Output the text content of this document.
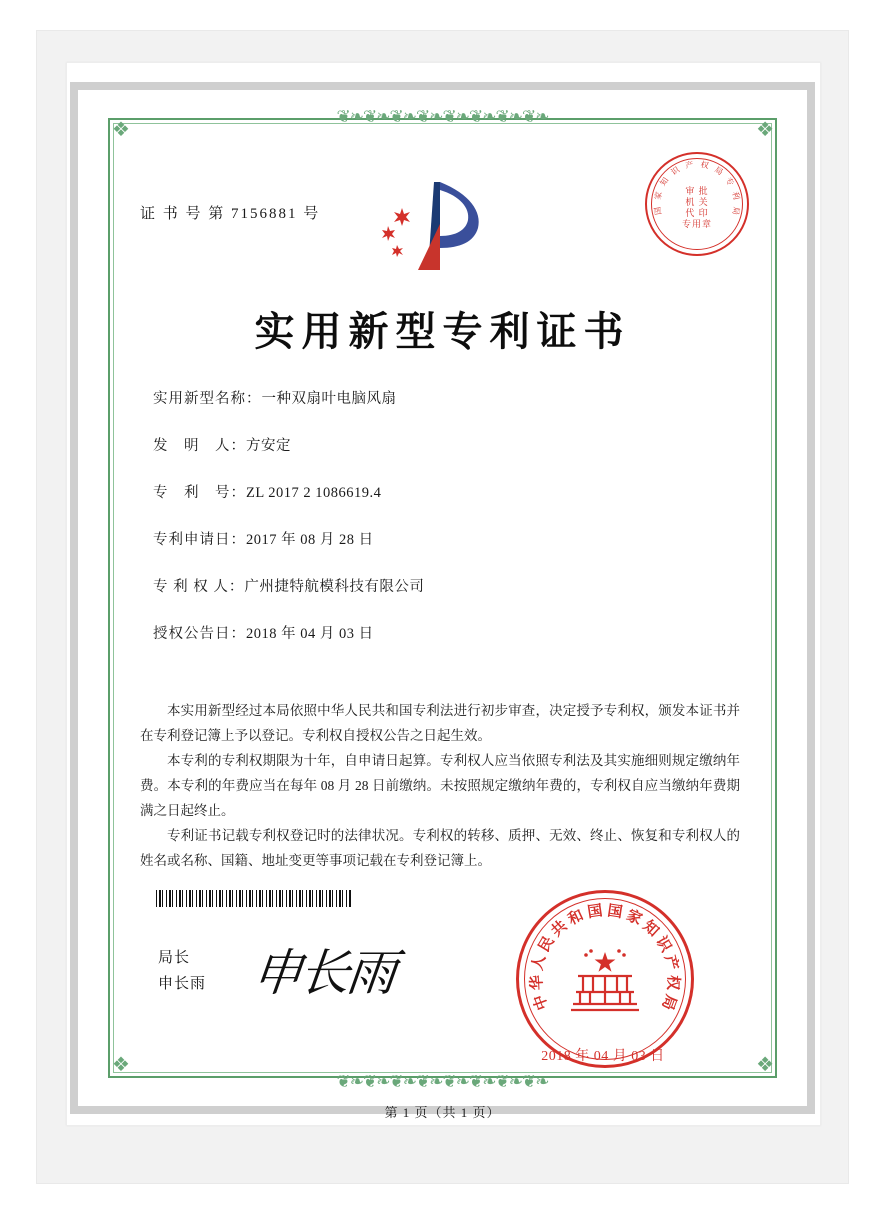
❦❧❦❧❦❧❦❧❦❧❦❧❦❧❦❧
❦❧❦❧❦❧❦❧❦❧❦❧❦❧❦❧
❖	❖
❖	❖
证 书 号 第 7156881 号	国
家
知
识 产 权 局
专
利
局
审 批
机 关
代 印
专用章
实用新型专利证书
实用新型名称：一种双扇叶电脑风扇
发　明　人：方安定
专　利　号：ZL 2017 2 1086619.4
专利申请日：2017 年 08 月 28 日
专 利 权 人：广州捷特航模科技有限公司
授权公告日：2018 年 04 月 03 日

本实用新型经过本局依照中华人民共和国专利法进行初步审查，决定授予专利权，颁发本证书并在专利登记簿上予以登记。专利权自授权公告之日起生效。

本专利的专利权期限为十年，自申请日起算。专利权人应当依照专利法及其实施细则规定缴纳年费。本专利的年费应当在每年 08 月 28 日前缴纳。未按照规定缴纳年费的，专利权自应当缴纳年费期满之日起终止。

专利证书记载专利权登记时的法律状况。专利权的转移、质押、无效、终止、恢复和专利权人的姓名或名称、国籍、地址变更等事项记载在专利登记簿上。

局长
申长雨 申长雨
中
华
人
民
共
和 国 国 家
知
识
产
权
局
2018 年 04 月 03 日
第 1 页（共 1 页）
